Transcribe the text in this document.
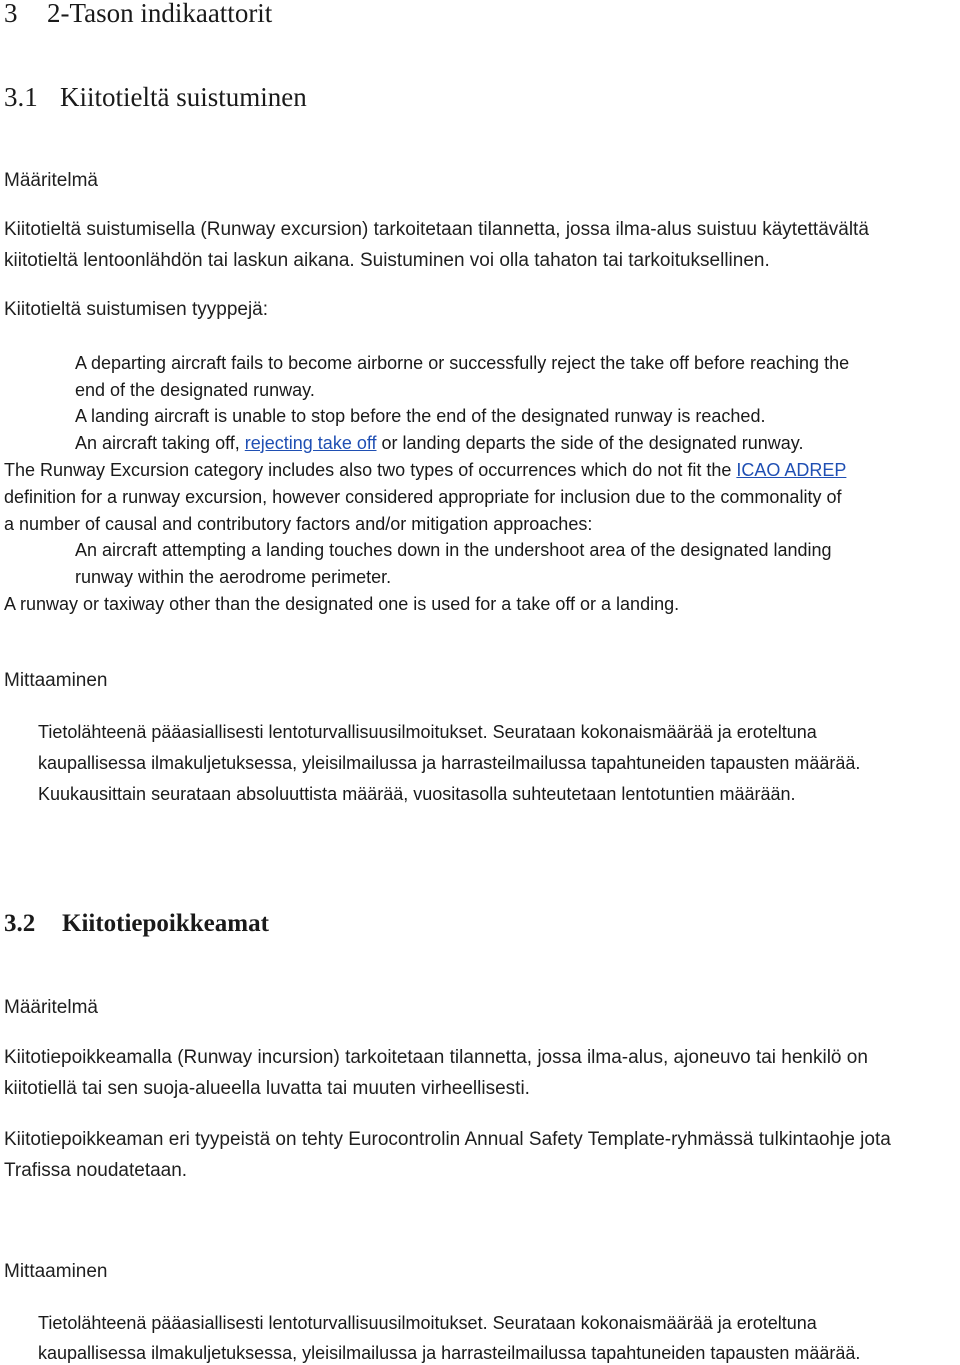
3 2-Tason indikaattorit
3.1 Kiitotieltä suistuminen
Määritelmä
Kiitotieltä suistumisella (Runway excursion) tarkoitetaan tilannetta, jossa ilma-alus suistuu käytettävältä
kiitotieltä lentoonlähdön tai laskun aikana. Suistuminen voi olla tahaton tai tarkoituksellinen.
Kiitotieltä suistumisen tyyppejä:
A departing aircraft fails to become airborne or successfully reject the take off before reaching the
end of the designated runway.
A landing aircraft is unable to stop before the end of the designated runway is reached.
An aircraft taking off, rejecting take off or landing departs the side of the designated runway.
The Runway Excursion category includes also two types of occurrences which do not fit the ICAO ADREP
definition for a runway excursion, however considered appropriate for inclusion due to the commonality of
a number of causal and contributory factors and/or mitigation approaches:
An aircraft attempting a landing touches down in the undershoot area of the designated landing
runway within the aerodrome perimeter.
A runway or taxiway other than the designated one is used for a take off or a landing.
Mittaaminen
Tietolähteenä pääasiallisesti lentoturvallisuusilmoitukset. Seurataan kokonaismäärää ja eroteltuna
kaupallisessa ilmakuljetuksessa, yleisilmailussa ja harrasteilmailussa tapahtuneiden tapausten määrää.
Kuukausittain seurataan absoluuttista määrää, vuositasolla suhteutetaan lentotuntien määrään.
3.2 Kiitotiepoikkeamat
Määritelmä
Kiitotiepoikkeamalla (Runway incursion) tarkoitetaan tilannetta, jossa ilma-alus, ajoneuvo tai henkilö on
kiitotiellä tai sen suoja-alueella luvatta tai muuten virheellisesti.
Kiitotiepoikkeaman eri tyypeistä on tehty Eurocontrolin Annual Safety Template-ryhmässä tulkintaohje jota
Trafissa noudatetaan.
Mittaaminen
Tietolähteenä pääasiallisesti lentoturvallisuusilmoitukset. Seurataan kokonaismäärää ja eroteltuna
kaupallisessa ilmakuljetuksessa, yleisilmailussa ja harrasteilmailussa tapahtuneiden tapausten määrää.
